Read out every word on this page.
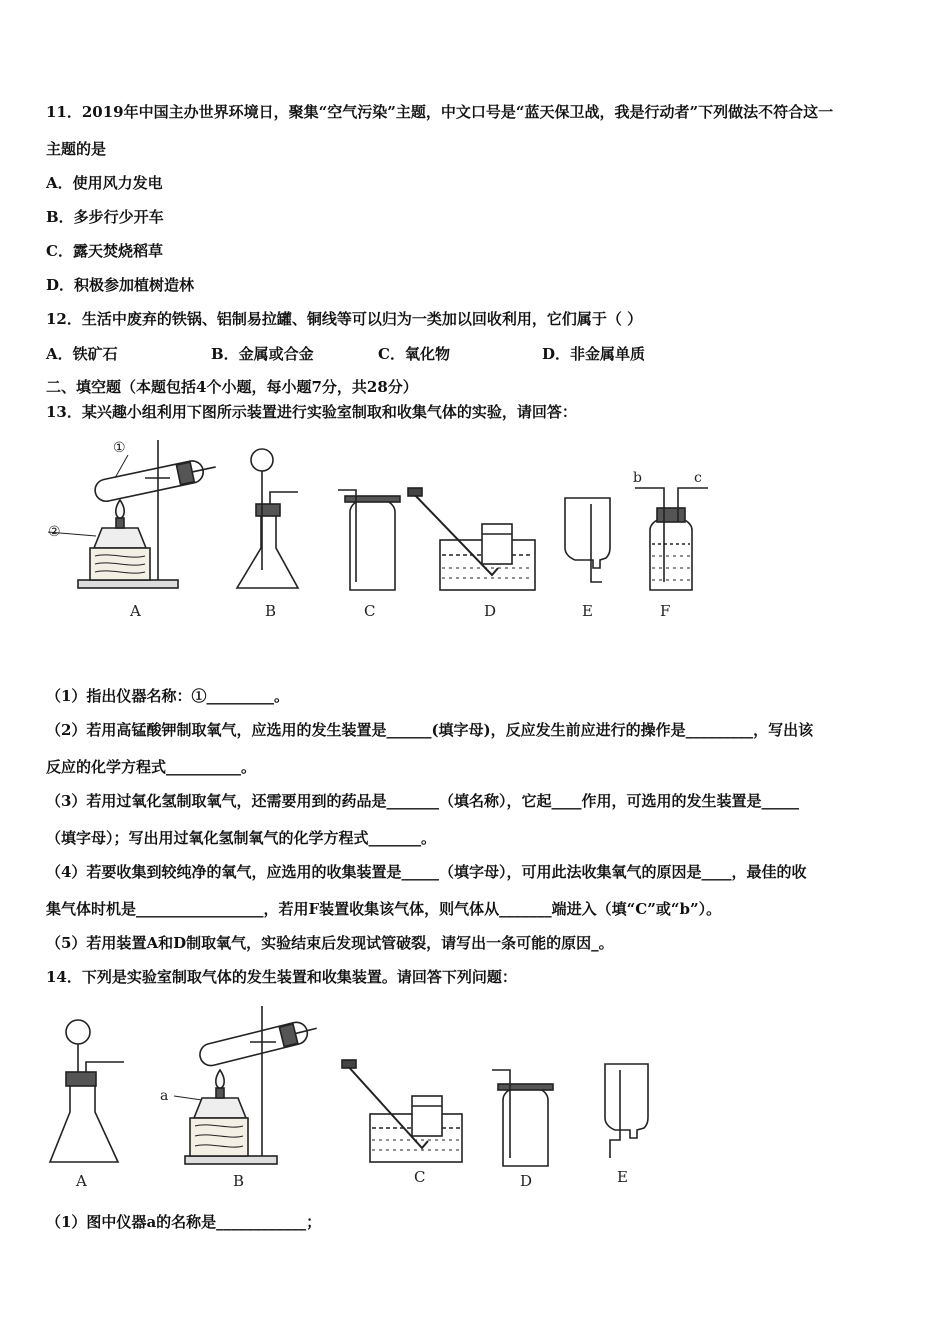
11．2019年中国主办世界环境日，聚集“空气污染”主题，中文口号是“蓝天保卫战，我是行动者”下列做法不符合这一
主题的是
A．使用风力发电
B．多步行少开车
C．露天焚烧稻草
D．积极参加植树造林
12．生活中废弃的铁锅、铝制易拉罐、铜线等可以归为一类加以回收利用，它们属于（ ）
A．铁矿石	B．金属或合金	C．氧化物	D．非金属单质
二、填空题（本题包括4个小题，每小题7分，共28分）
13．某兴趣小组利用下图所示装置进行实验室制取和收集气体的实验，请回答：
①
②
b	c
A	B	C	D	E	F
（1）指出仪器名称：①_________。
（2）若用高锰酸钾制取氧气，应选用的发生装置是______(填字母)，反应发生前应进行的操作是_________，写出该
反应的化学方程式__________。
（3）若用过氧化氢制取氧气，还需要用到的药品是_______（填名称），它起____作用，可选用的发生装置是_____
（填字母）；写出用过氧化氢制氧气的化学方程式_______。
（4）若要收集到较纯净的氧气，应选用的收集装置是_____（填字母），可用此法收集氧气的原因是____，最佳的收
集气体时机是_________________，若用F装置收集该气体，则气体从_______端进入（填“C”或“b”）。
（5）若用装置A和D制取氧气，实验结束后发现试管破裂，请写出一条可能的原因_。
14．下列是实验室制取气体的发生装置和收集装置。请回答下列问题：
a
A	B	C	D	E
（1）图中仪器a的名称是____________；
